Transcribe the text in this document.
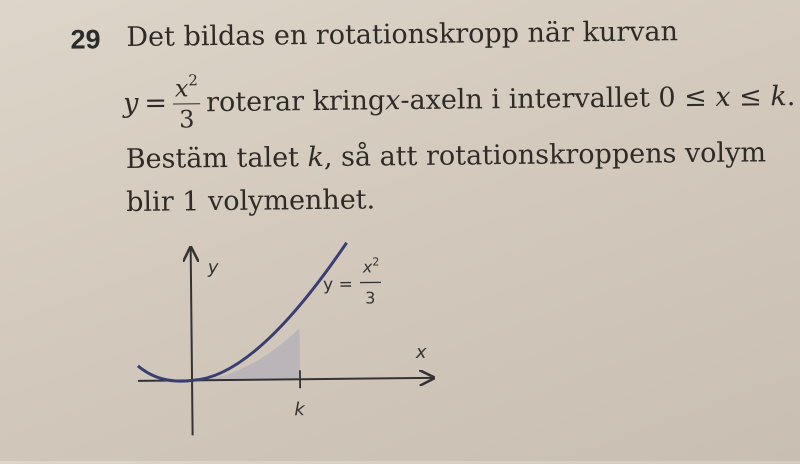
29 Det bildas en rotationskropp när kurvan
$y = \frac{x^2}{3}$ roterar kring x -axeln i intervallet 0 ≤ x ≤ k .
Bestäm talet k, så att rotationskroppens volym
blir 1 volymenhet.
y
x
k
y =
$x^2$
3
